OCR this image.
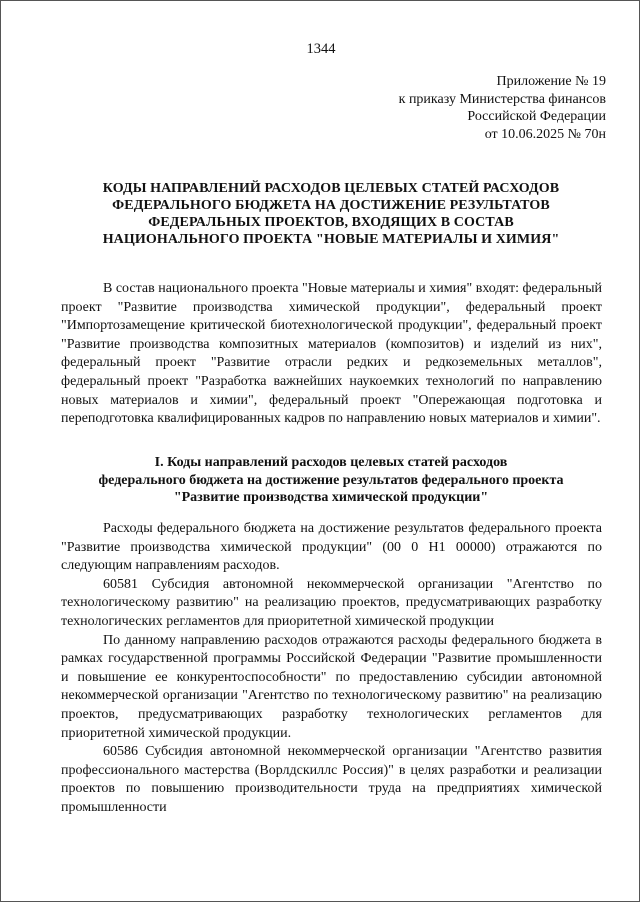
1344
Приложение № 19
к приказу Министерства финансов
Российской Федерации
от 10.06.2025 № 70н
КОДЫ НАПРАВЛЕНИЙ РАСХОДОВ ЦЕЛЕВЫХ СТАТЕЙ РАСХОДОВ
ФЕДЕРАЛЬНОГО БЮДЖЕТА НА ДОСТИЖЕНИЕ РЕЗУЛЬТАТОВ
ФЕДЕРАЛЬНЫХ ПРОЕКТОВ, ВХОДЯЩИХ В СОСТАВ
НАЦИОНАЛЬНОГО ПРОЕКТА "НОВЫЕ МАТЕРИАЛЫ И ХИМИЯ"

В состав национального проекта "Новые материалы и химия" входят: федеральный проект "Развитие производства химической продукции", федеральный проект "Импортозамещение критической биотехнологической продукции", федеральный проект "Развитие производства композитных материалов (композитов) и изделий из них", федеральный проект "Развитие отрасли редких и редкоземельных металлов", федеральный проект "Разработка важнейших наукоемких технологий по направлению новых материалов и химии", федеральный проект "Опережающая подготовка и переподготовка квалифицированных кадров по направлению новых материалов и химии".

I. Коды направлений расходов целевых статей расходов
федерального бюджета на достижение результатов федерального проекта
"Развитие производства химической продукции"

Расходы федерального бюджета на достижение результатов федерального проекта "Развитие производства химической продукции" (00 0 Н1 00000) отражаются по следующим направлениям расходов.

60581 Субсидия автономной некоммерческой организации "Агентство по технологическому развитию" на реализацию проектов, предусматривающих разработку технологических регламентов для приоритетной химической продукции

По данному направлению расходов отражаются расходы федерального бюджета в рамках государственной программы Российской Федерации "Развитие промышленности и повышение ее конкурентоспособности" по предоставлению субсидии автономной некоммерческой организации "Агентство по технологическому развитию" на реализацию проектов, предусматривающих разработку технологических регламентов для приоритетной химической продукции.

60586 Субсидия автономной некоммерческой организации "Агентство развития профессионального мастерства (Ворлдскиллс Россия)" в целях разработки и реализации проектов по повышению производительности труда на предприятиях химической промышленности
